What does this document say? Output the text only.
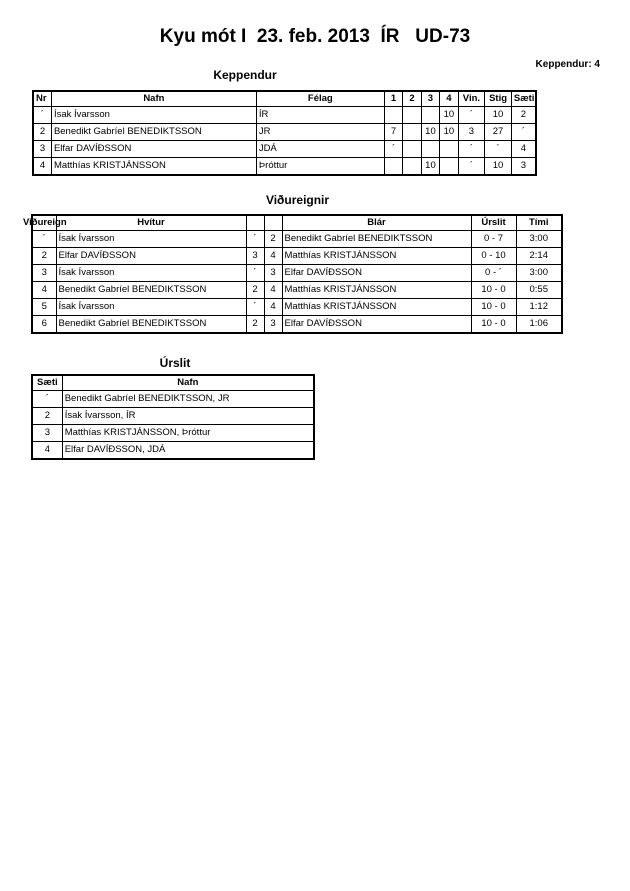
Kyu mót I  23. feb. 2013  ÍR   UD-73
Keppendur: 4
Keppendur
Nr	Nafn	Félag	1	2	3	4	Vin.	Stig	Sæti
´	Ísak Ívarsson	ÍR				10	´	10	2
2	Benedikt Gabríel BENEDIKTSSON	JR	7		10	10	3	27	´
3	Elfar DAVÍÐSSON	JDÁ	´				´	´	4
4	Matthías KRISTJÁNSSON	Þróttur			10		´	10	3
Viðureignir
Viðureign	Hvítur			Blár	Úrslit	Tími
´	Ísak Ívarsson	´	2	Benedikt Gabríel BENEDIKTSSON	0 - 7	3:00
2	Elfar DAVÍÐSSON	3	4	Matthías KRISTJÁNSSON	0 - 10	2:14
3	Ísak Ívarsson	´	3	Elfar DAVÍÐSSON	0 - ´	3:00
4	Benedikt Gabríel BENEDIKTSSON	2	4	Matthías KRISTJÁNSSON	10 - 0	0:55
5	Ísak Ívarsson	´	4	Matthías KRISTJÁNSSON	10 - 0	1:12
6	Benedikt Gabríel BENEDIKTSSON	2	3	Elfar DAVÍÐSSON	10 - 0	1:06
Úrslit
Sæti	Nafn
´	Benedikt Gabríel BENEDIKTSSON, JR
2	Ísak Ívarsson, ÍR
3	Matthías KRISTJÁNSSON, Þróttur
4	Elfar DAVÍÐSSON, JDÁ
